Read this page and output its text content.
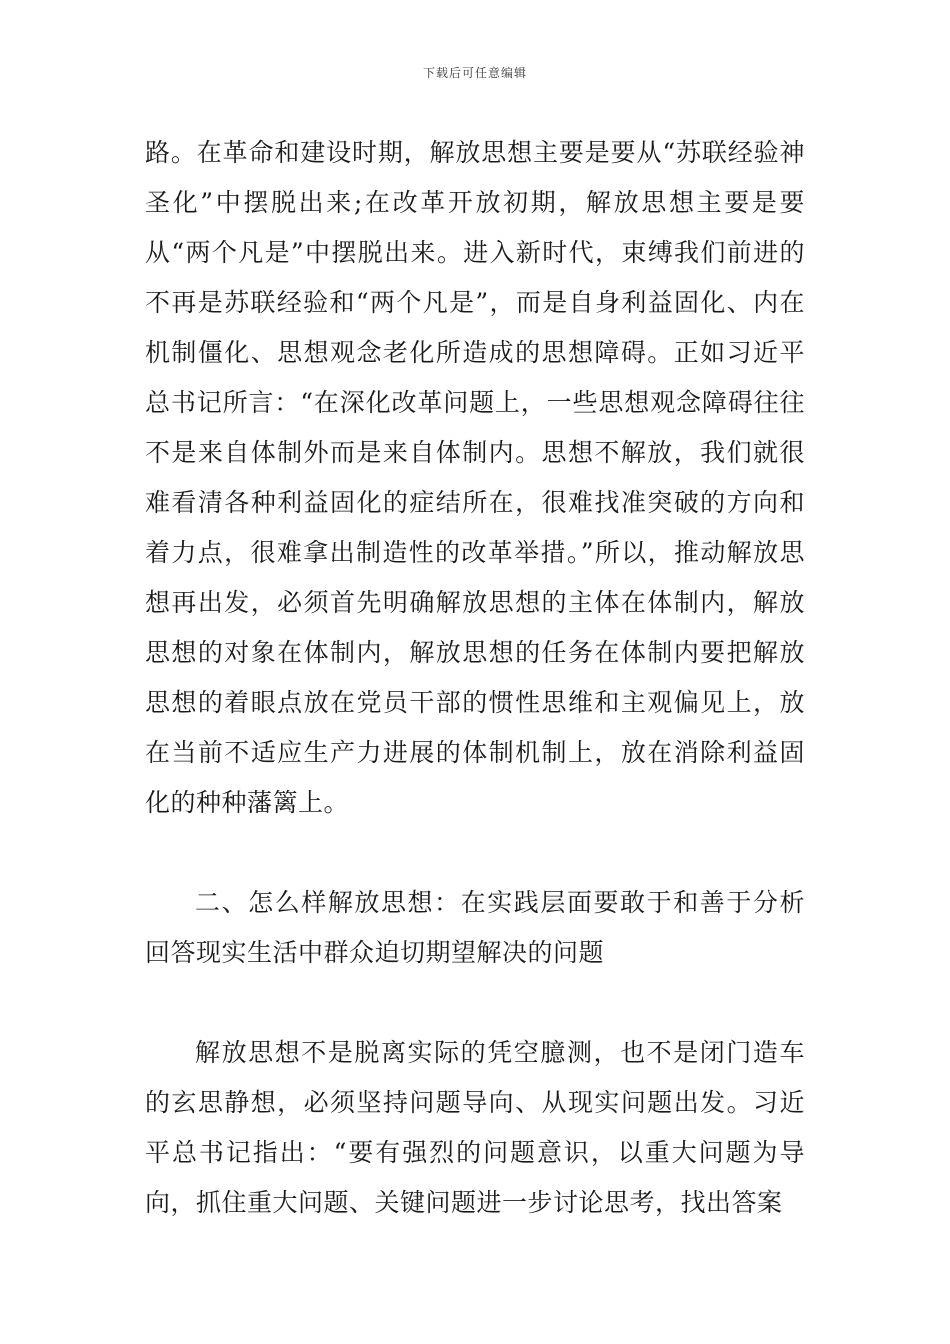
下载后可任意编辑

路。在革命和建设时期，解放思想主要是要从“苏联经验神圣化”中摆脱出来;在改革开放初期，解放思想主要是要从“两个凡是”中摆脱出来。进入新时代，束缚我们前进的不再是苏联经验和“两个凡是”，而是自身利益固化、内在机制僵化、思想观念老化所造成的思想障碍。正如习近平总书记所言：“在深化改革问题上，一些思想观念障碍往往不是来自体制外而是来自体制内。思想不解放，我们就很难看清各种利益固化的症结所在，很难找准突破的方向和着力点，很难拿出制造性的改革举措。”所以，推动解放思想再出发，必须首先明确解放思想的主体在体制内，解放思想的对象在体制内，解放思想的任务在体制内要把解放思想的着眼点放在党员干部的惯性思维和主观偏见上，放在当前不适应生产力进展的体制机制上，放在消除利益固化的种种藩篱上。

二、怎么样解放思想：在实践层面要敢于和善于分析回答现实生活中群众迫切期望解决的问题

解放思想不是脱离实际的凭空臆测，也不是闭门造车的玄思静想，必须坚持问题导向、从现实问题出发。习近平总书记指出：“要有强烈的问题意识，以重大问题为导向，抓住重大问题、关键问题进一步讨论思考，找出答案
